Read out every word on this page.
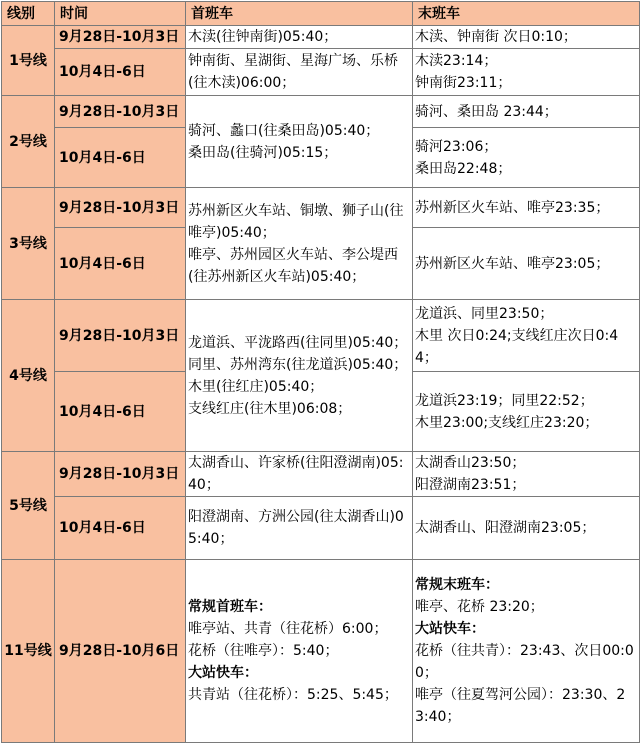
线别	时间	首班车	末班车
1号线	9月28日-10月3日	木渎(往钟南街)05:40；	木渎、钟南街 次日0:10；

	10月4日-6日	钟南街、星湖街、星海广场、乐桥(往木渎)06:00；	木渎23:14；
钟南街23:11；

2号线	9月28日-10月3日	骑河、蠡口(往桑田岛)05:40；
桑田岛(往骑河)05:15；	骑河、桑田岛 23:44；

	10月4日-6日		骑河23:06；
桑田岛22:48；

3号线	9月28日-10月3日	苏州新区火车站、铜墩、狮子山(往唯亭)05:40；
唯亭、苏州园区火车站、李公堤西(往苏州新区火车站)05:40；	苏州新区火车站、唯亭23:35；

	10月4日-6日		苏州新区火车站、唯亭23:05；

4号线	9月28日-10月3日	龙道浜、平泷路西(往同里)05:40；
同里、苏州湾东(往龙道浜)05:40；
木里(往红庄)05:40；
支线红庄(往木里)06:08；	龙道浜、同里23:50；
木里 次日0:24;支线红庄次日0:44；

	10月4日-6日		龙道浜23:19；同里22:52；
木里23:00;支线红庄23:20；

5号线	9月28日-10月3日	太湖香山、许家桥(往阳澄湖南)05:40；	太湖香山23:50；
阳澄湖南23:51；

	10月4日-6日	阳澄湖南、方洲公园(往太湖香山)05:40；	太湖香山、阳澄湖南23:05；

11号线	9月28日-10月6日	常规首班车：
唯亭站、共青（往花桥）6:00；
花桥（往唯亭）：5:40；
大站快车：
共青站（往花桥）：5:25、5:45；	常规末班车：
唯亭、花桥 23:20；
大站快车：
花桥（往共青）：23:43、次日00:00；
唯亭（往夏驾河公园）：23:30、23:40；
